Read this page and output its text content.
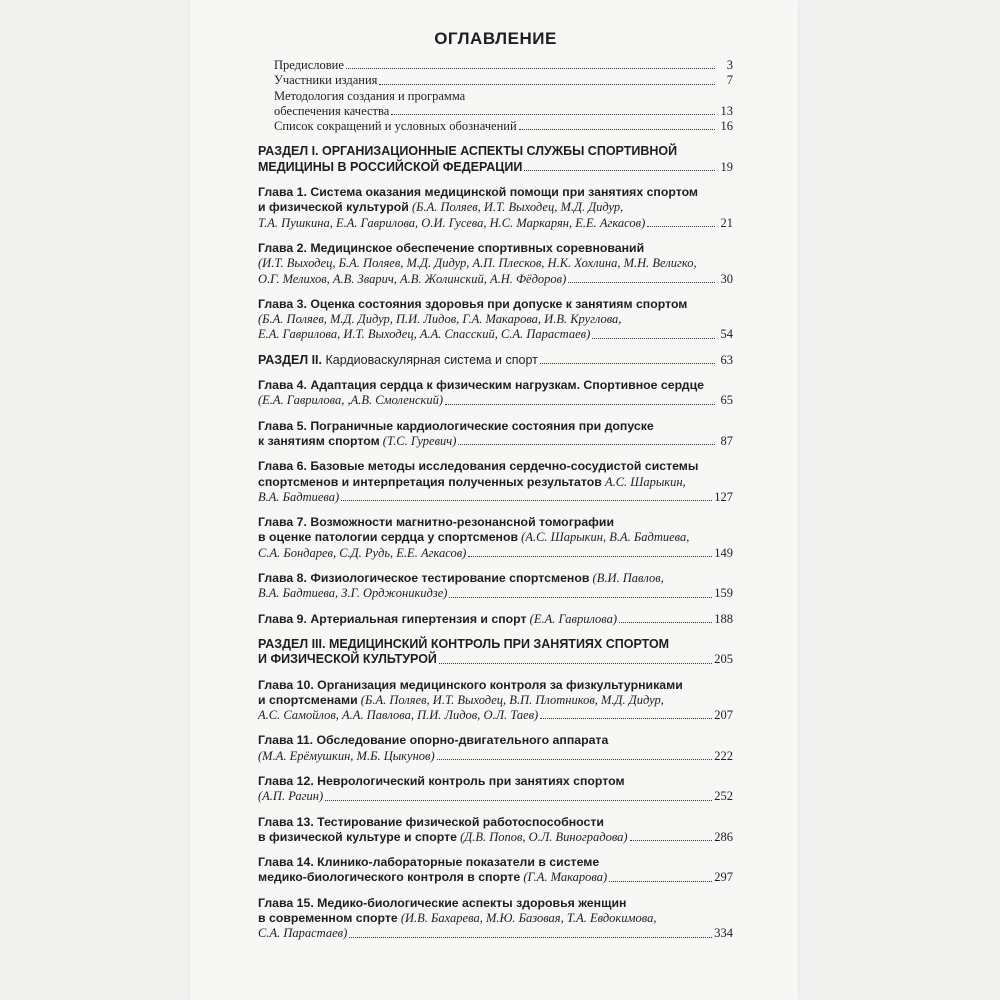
ОГЛАВЛЕНИЕ
Предисловие	3
Участники издания	7
Методология создания и программа
обеспечения качества	13
Список сокращений и условных обозначений	16
РАЗДЕЛ I. ОРГАНИЗАЦИОННЫЕ АСПЕКТЫ СЛУЖБЫ СПОРТИВНОЙ
МЕДИЦИНЫ В РОССИЙСКОЙ ФЕДЕРАЦИИ	19
Глава 1. Система оказания медицинской помощи при занятиях спортом
и физической культурой (Б.А. Поляев, И.Т. Выходец, М.Д. Дидур,
Т.А. Пушкина, Е.А. Гаврилова, О.И. Гусева, Н.С. Маркарян, Е.Е. Агкасов)	21
Глава 2. Медицинское обеспечение спортивных соревнований
(И.Т. Выходец, Б.А. Поляев, М.Д. Дидур, А.П. Плесков, Н.К. Хохлина, М.Н. Велигко,
О.Г. Мелихов, А.В. Зварич, А.В. Жолинский, А.Н. Фёдоров)	30
Глава 3. Оценка состояния здоровья при допуске к занятиям спортом
(Б.А. Поляев, М.Д. Дидур, П.И. Лидов, Г.А. Макарова, И.В. Круглова,
Е.А. Гаврилова, И.Т. Выходец, А.А. Спасский, С.А. Парастаев)	54
РАЗДЕЛ II. Кардиоваскулярная система и спорт	63
Глава 4. Адаптация сердца к физическим нагрузкам. Спортивное сердце
(Е.А. Гаврилова, ,А.В. Смоленский)	65
Глава 5. Пограничные кардиологические состояния при допуске
к занятиям спортом (Т.С. Гуревич)	87
Глава 6. Базовые методы исследования сердечно-сосудистой системы
спортсменов и интерпретация полученных результатов А.С. Шарыкин,
В.А. Бадтиева)	127
Глава 7. Возможности магнитно-резонансной томографии
в оценке патологии сердца у спортсменов (А.С. Шарыкин, В.А. Бадтиева,
С.А. Бондарев, С.Д. Рудь, Е.Е. Агкасов)	149
Глава 8. Физиологическое тестирование спортсменов (В.И. Павлов,
В.А. Бадтиева, З.Г. Орджоникидзе)	159
Глава 9. Артериальная гипертензия и спорт (Е.А. Гаврилова)	188
РАЗДЕЛ III. МЕДИЦИНСКИЙ КОНТРОЛЬ ПРИ ЗАНЯТИЯХ СПОРТОМ
И ФИЗИЧЕСКОЙ КУЛЬТУРОЙ	205
Глава 10. Организация медицинского контроля за физкультурниками
и спортсменами (Б.А. Поляев, И.Т. Выходец, В.П. Плотников, М.Д. Дидур,
А.С. Самойлов, А.А. Павлова, П.И. Лидов, О.Л. Таев)	207
Глава 11. Обследование опорно-двигательного аппарата
(М.А. Ерёмушкин, М.Б. Цыкунов)	222
Глава 12. Неврологический контроль при занятиях спортом
(А.П. Рагин)	252
Глава 13. Тестирование физической работоспособности
в физической культуре и спорте (Д.В. Попов, О.Л. Виноградова)	286
Глава 14. Клинико-лабораторные показатели в системе
медико-биологического контроля в спорте (Г.А. Макарова)	297
Глава 15. Медико-биологические аспекты здоровья женщин
в современном спорте (И.В. Бахарева, М.Ю. Базовая, Т.А. Евдокимова,
С.А. Парастаев)	334
